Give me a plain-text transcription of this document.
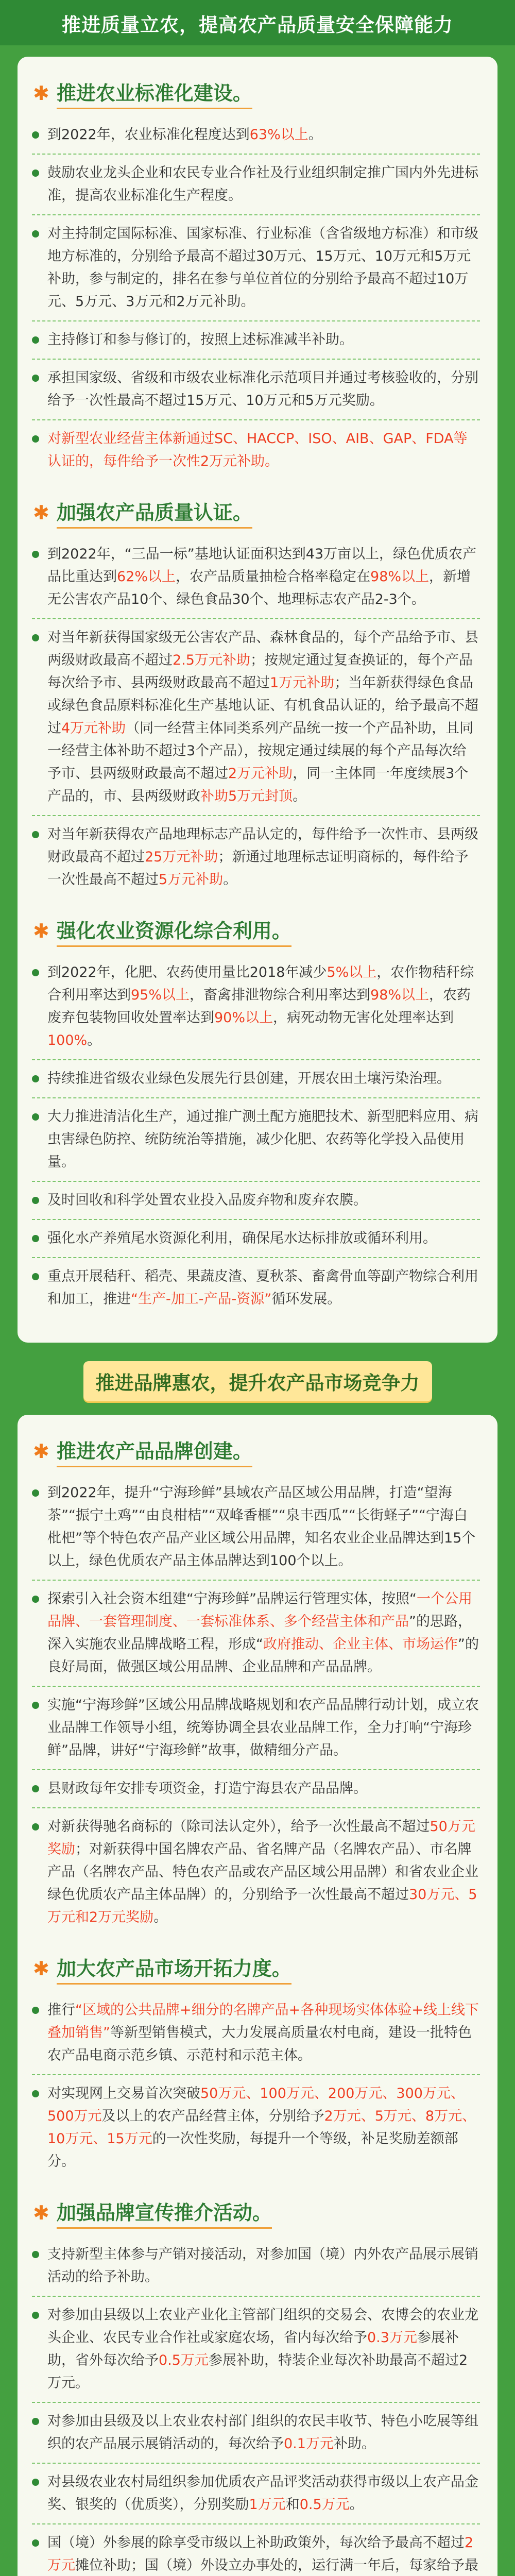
推进质量立农，提高农产品质量安全保障能力
✱ 推进农业标准化建设。
到2022年，农业标准化程度达到63%以上。
鼓励农业龙头企业和农民专业合作社及行业组织制定推广国内外先进标准，提高农业标准化生产程度。
对主持制定国际标准、国家标准、行业标准（含省级地方标准）和市级地方标准的，分别给予最高不超过30万元、15万元、10万元和5万元补助，参与制定的，排名在参与单位首位的分别给予最高不超过10万元、5万元、3万元和2万元补助。
主持修订和参与修订的，按照上述标准减半补助。
承担国家级、省级和市级农业标准化示范项目并通过考核验收的，分别给予一次性最高不超过15万元、10万元和5万元奖励。
对新型农业经营主体新通过SC、HACCP、ISO、AIB、GAP、FDA等认证的，每件给予一次性2万元补助。
✱ 加强农产品质量认证。
到2022年，“三品一标”基地认证面积达到43万亩以上，绿色优质农产品比重达到62%以上，农产品质量抽检合格率稳定在98%以上，新增无公害农产品10个、绿色食品30个、地理标志农产品2-3个。
对当年新获得国家级无公害农产品、森林食品的，每个产品给予市、县两级财政最高不超过2.5万元补助；按规定通过复查换证的，每个产品每次给予市、县两级财政最高不超过1万元补助；当年新获得绿色食品或绿色食品原料标准化生产基地认证、有机食品认证的，给予最高不超过4万元补助（同一经营主体同类系列产品统一按一个产品补助，且同一经营主体补助不超过3个产品），按规定通过续展的每个产品每次给予市、县两级财政最高不超过2万元补助，同一主体同一年度续展3个产品的，市、县两级财政补助5万元封顶。
对当年新获得农产品地理标志产品认定的，每件给予一次性市、县两级财政最高不超过25万元补助；新通过地理标志证明商标的，每件给予一次性最高不超过5万元补助。
✱ 强化农业资源化综合利用。
到2022年，化肥、农药使用量比2018年减少5%以上，农作物秸秆综合利用率达到95%以上，畜禽排泄物综合利用率达到98%以上，农药废弃包装物回收处置率达到90%以上，病死动物无害化处理率达到100%。
持续推进省级农业绿色发展先行县创建，开展农田土壤污染治理。
大力推进清洁化生产，通过推广测土配方施肥技术、新型肥料应用、病虫害绿色防控、统防统治等措施，减少化肥、农药等化学投入品使用量。
及时回收和科学处置农业投入品废弃物和废弃农膜。
强化水产养殖尾水资源化利用，确保尾水达标排放或循环利用。
重点开展秸秆、稻壳、果蔬皮渣、夏秋茶、畜禽骨血等副产物综合利用和加工，推进“生产-加工-产品-资源”循环发展。
推进品牌惠农，提升农产品市场竞争力
✱ 推进农产品品牌创建。
到2022年，提升“宁海珍鲜”县域农产品区域公用品牌，打造“望海茶”“振宁土鸡”“由良柑桔”“双峰香榧”“泉丰西瓜”“长街蛏子”“宁海白枇杷”等个特色农产品产业区域公用品牌，知名农业企业品牌达到15个以上，绿色优质农产品主体品牌达到100个以上。
探索引入社会资本组建“宁海珍鲜”品牌运行管理实体，按照“一个公用品牌、一套管理制度、一套标准体系、多个经营主体和产品”的思路，深入实施农业品牌战略工程，形成“政府推动、企业主体、市场运作”的良好局面，做强区域公用品牌、企业品牌和产品品牌。
实施“宁海珍鲜”区域公用品牌战略规划和农产品品牌行动计划，成立农业品牌工作领导小组，统筹协调全县农业品牌工作，全力打响“宁海珍鲜”品牌，讲好“宁海珍鲜”故事，做精细分产品。
县财政每年安排专项资金，打造宁海县农产品品牌。
对新获得驰名商标的（除司法认定外），给予一次性最高不超过50万元奖励；对新获得中国名牌农产品、省名牌产品（名牌农产品）、市名牌产品（名牌农产品、特色农产品或农产品区域公用品牌）和省农业企业绿色优质农产品主体品牌）的，分别给予一次性最高不超过30万元、5万元和2万元奖励。
✱ 加大农产品市场开拓力度。
推行“区域的公共品牌+细分的名牌产品+各种现场实体体验+线上线下叠加销售”等新型销售模式，大力发展高质量农村电商，建设一批特色农产品电商示范乡镇、示范村和示范主体。
对实现网上交易首次突破50万元、100万元、200万元、300万元、500万元及以上的农产品经营主体，分别给予2万元、5万元、8万元、10万元、15万元的一次性奖励，每提升一个等级，补足奖励差额部分。
✱ 加强品牌宣传推介活动。
支持新型主体参与产销对接活动，对参加国（境）内外农产品展示展销活动的给予补助。
对参加由县级以上农业产业化主管部门组织的交易会、农博会的农业龙头企业、农民专业合作社或家庭农场，省内每次给予0.3万元参展补助，省外每次给予0.5万元参展补助，特装企业每次补助最高不超过2万元。
对参加由县级及以上农业农村部门组织的农民丰收节、特色小吃展等组织的农产品展示展销活动的，每次给予0.1万元补助。
对县级农业农村局组织参加优质农产品评奖活动获得市级以上农产品金奖、银奖的（优质奖），分别奖励1万元和0.5万元。
国（境）外参展的除享受市级以上补助政策外，每次给予最高不超过2万元摊位补助；国（境）外设立办事处的，运行满一年后，每家给予最
